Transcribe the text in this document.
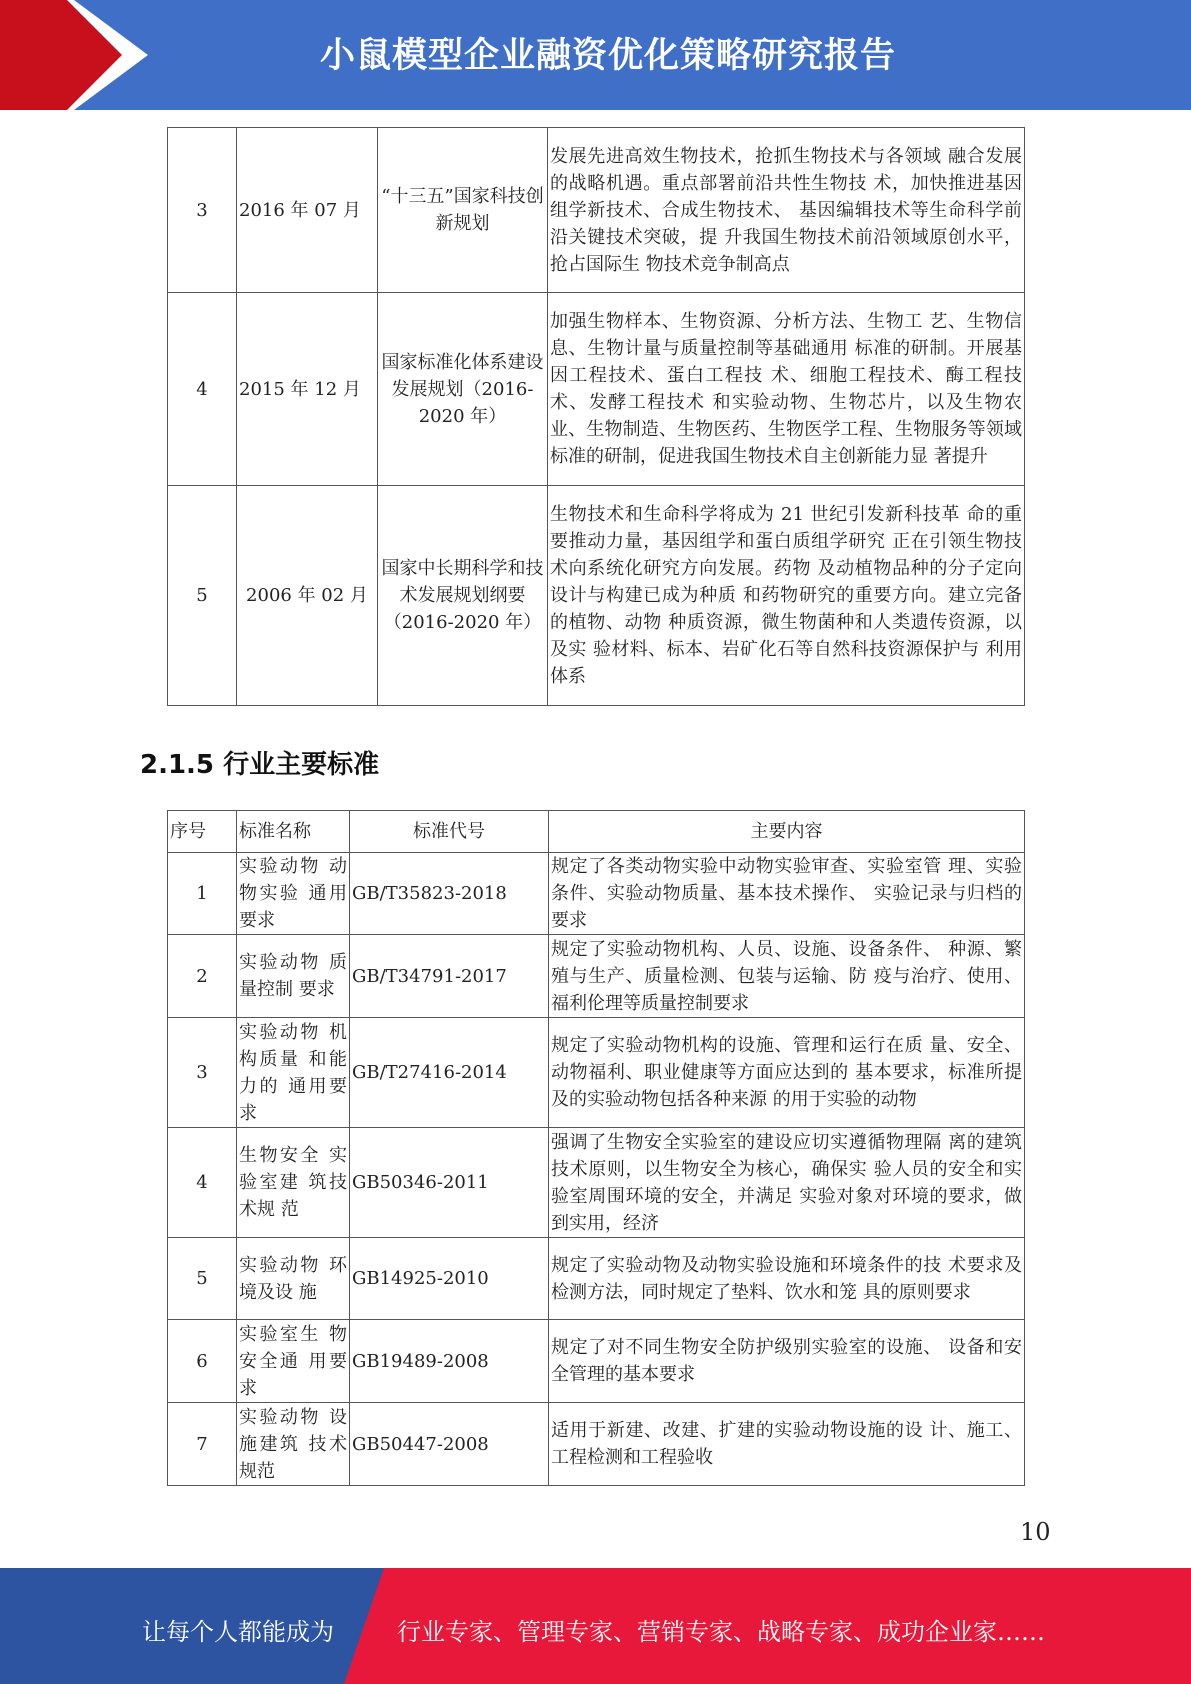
小鼠模型企业融资优化策略研究报告
3	2016 年 07 月	“十三五”国家科技创新规划	发展先进高效生物技术，抢抓生物技术与各领域 融合发展的战略机遇。重点部署前沿共性生物技 术，加快推进基因组学新技术、合成生物技术、 基因编辑技术等生命科学前沿关键技术突破，提 升我国生物技术前沿领域原创水平，抢占国际生 物技术竞争制高点
4	2015 年 12 月	国家标准化体系建设发展规划（2016-2020 年）	加强生物样本、生物资源、分析方法、生物工 艺、生物信息、生物计量与质量控制等基础通用 标准的研制。开展基因工程技术、蛋白工程技 术、细胞工程技术、酶工程技术、发酵工程技术 和实验动物、生物芯片，以及生物农业、生物制造、生物医药、生物医学工程、生物服务等领域 标准的研制，促进我国生物技术自主创新能力显 著提升
5	2006 年 02 月	国家中长期科学和技术发展规划纲要 （2016-2020 年）	生物技术和生命科学将成为 21 世纪引发新科技革 命的重要推动力量，基因组学和蛋白质组学研究 正在引领生物技术向系统化研究方向发展。药物 及动植物品种的分子定向设计与构建已成为种质 和药物研究的重要方向。建立完备的植物、动物 种质资源，微生物菌种和人类遗传资源，以及实 验材料、标本、岩矿化石等自然科技资源保护与 利用体系
2.1.5 行业主要标准
序号	标准名称	标准代号	主要内容
1	实验动物 动物实验 通用要求	GB/T35823-2018	规定了各类动物实验中动物实验审查、实验室管 理、实验条件、实验动物质量、基本技术操作、 实验记录与归档的要求
2	实验动物 质量控制 要求	GB/T34791-2017	规定了实验动物机构、人员、设施、设备条件、 种源、繁殖与生产、质量检测、包装与运输、防 疫与治疗、使用、福利伦理等质量控制要求
3	实验动物 机构质量 和能力的 通用要求	GB/T27416-2014	规定了实验动物机构的设施、管理和运行在质 量、安全、动物福利、职业健康等方面应达到的 基本要求，标准所提及的实验动物包括各种来源 的用于实验的动物
4	生物安全 实验室建 筑技术规 范	GB50346-2011	强调了生物安全实验室的建设应切实遵循物理隔 离的建筑技术原则，以生物安全为核心，确保实 验人员的安全和实验室周围环境的安全，并满足 实验对象对环境的要求，做到实用，经济
5	实验动物 环境及设 施	GB14925-2010	规定了实验动物及动物实验设施和环境条件的技 术要求及检测方法，同时规定了垫料、饮水和笼 具的原则要求
6	实验室生 物安全通 用要求	GB19489-2008	规定了对不同生物安全防护级别实验室的设施、 设备和安全管理的基本要求
7	实验动物 设施建筑 技术规范	GB50447-2008	适用于新建、改建、扩建的实验动物设施的设 计、施工、工程检测和工程验收
10
让每个人都能成为	行业专家、管理专家、营销专家、战略专家、成功企业家……
